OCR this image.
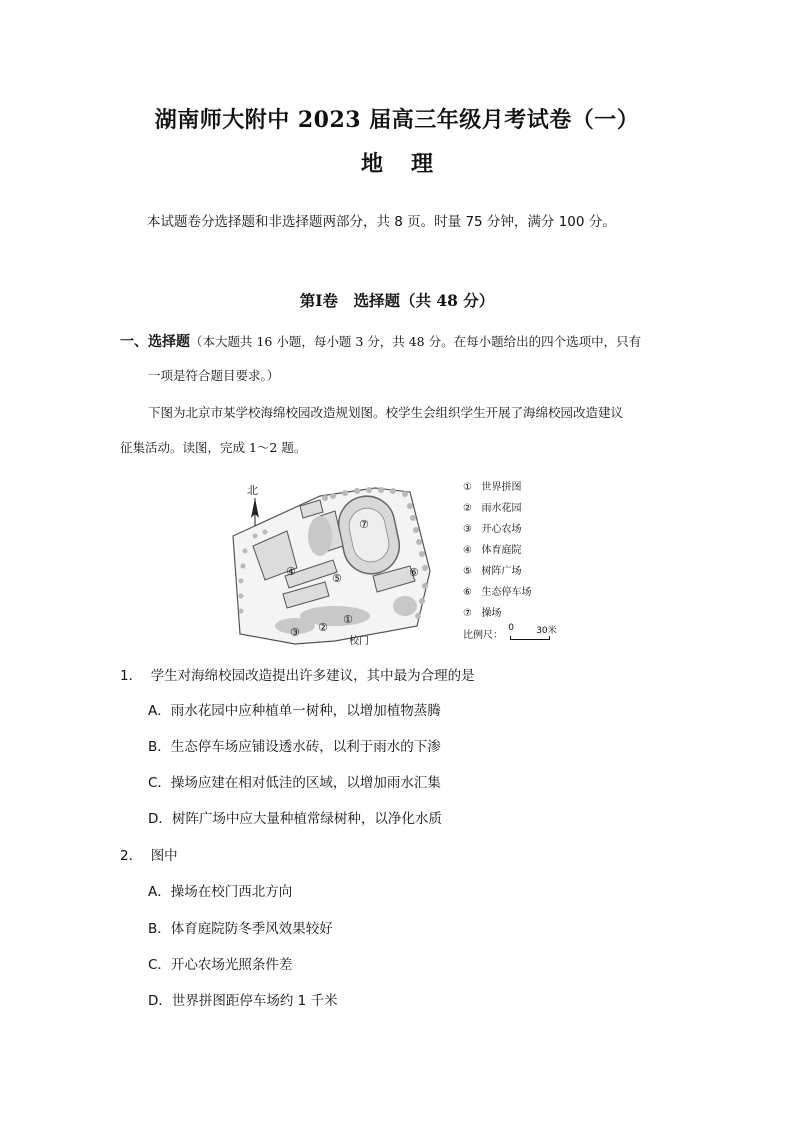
湖南师大附中 2023 届高三年级月考试卷（一）
地理
本试题卷分选择题和非选择题两部分，共 8 页。时量 75 分钟，满分 100 分。
第Ⅰ卷　选择题（共 48 分）
一、选择题（本大题共 16 小题，每小题 3 分，共 48 分。在每小题给出的四个选项中，只有
一项是符合题目要求。）
下图为北京市某学校海绵校园改造规划图。校学生会组织学生开展了海绵校园改造建议
征集活动。读图，完成 1～2 题。
北
⑦
④
⑤	⑥
①
②
③
校门
① 世界拼图
② 雨水花园
③ 开心农场
④ 体育庭院
⑤ 树阵广场
⑥ 生态停车场
⑦ 操场
比例尺：
0 30米
1． 学生对海绵校园改造提出许多建议，其中最为合理的是
A．雨水花园中应种植单一树种，以增加植物蒸腾
B．生态停车场应铺设透水砖，以利于雨水的下渗
C．操场应建在相对低洼的区域，以增加雨水汇集
D．树阵广场中应大量种植常绿树种，以净化水质
2． 图中
A．操场在校门西北方向
B．体育庭院防冬季风效果较好
C．开心农场光照条件差
D．世界拼图距停车场约 1 千米
